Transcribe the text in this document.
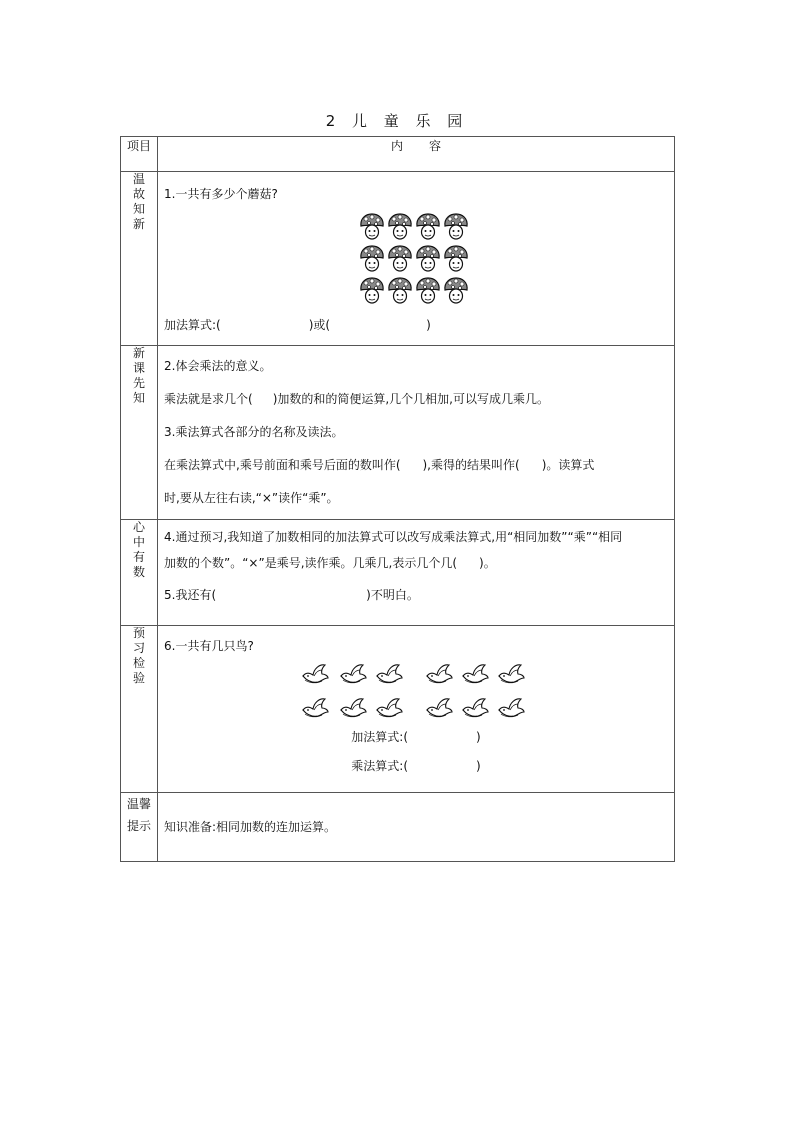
2 儿 童 乐 园
项目	内容
温故知新	1.一共有多少个蘑菇?
加法算式:( )或( )

新课先知	2.体会乘法的意义。
乘法就是求几个( )加数的和的简便运算,几个几相加,可以写成几乘几。
3.乘法算式各部分的名称及读法。
在乘法算式中,乘号前面和乘号后面的数叫作( ),乘得的结果叫作( )。读算式
时,要从左往右读,“×”读作“乘”。

心中有数	4.通过预习,我知道了加数相同的加法算式可以改写成乘法算式,用“相同加数”“乘”“相同
加数的个数”。“×”是乘号,读作乘。几乘几,表示几个几( )。
5.我还有( )不明白。

预习检验	6.一共有几只鸟?
加法算式:( )
乘法算式:( )

温馨提示	知识准备:相同加数的连加运算。
